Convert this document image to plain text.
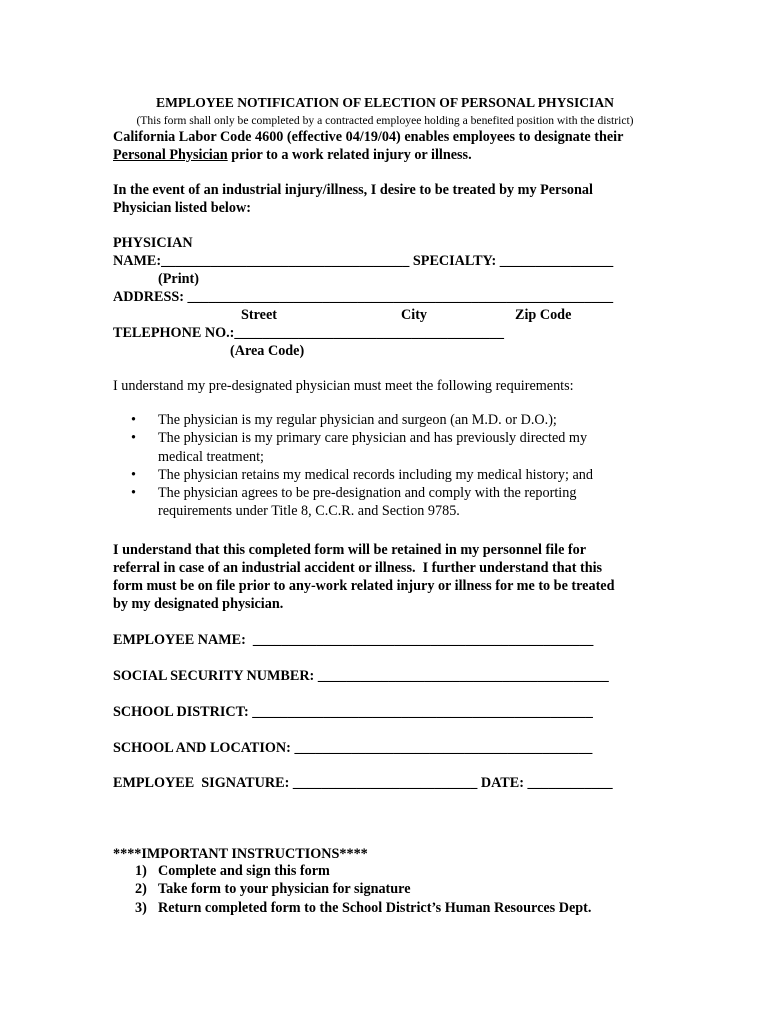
EMPLOYEE NOTIFICATION OF ELECTION OF PERSONAL PHYSICIAN
(This form shall only be completed by a contracted employee holding a benefited position with the district)
California Labor Code 4600 (effective 04/19/04) enables employees to designate their
Personal Physician prior to a work related injury or illness.
In the event of an industrial injury/illness, I desire to be treated by my Personal
Physician listed below:
PHYSICIAN
NAME:___________________________________ SPECIALTY: ________________
(Print)
ADDRESS: ____________________________________________________________
Street	City	Zip Code
TELEPHONE NO.:______________________________________
(Area Code)
I understand my pre-designated physician must meet the following requirements:
• The physician is my regular physician and surgeon (an M.D. or D.O.);
• The physician is my primary care physician and has previously directed my medical treatment;
• The physician retains my medical records including my medical history; and
• The physician agrees to be pre-designation and comply with the reporting requirements under Title 8, C.C.R. and Section 9785.
I understand that this completed form will be retained in my personnel file for
referral in case of an industrial accident or illness.  I further understand that this
form must be on file prior to any-work related injury or illness for me to be treated
by my designated physician.
EMPLOYEE NAME:  ________________________________________________
SOCIAL SECURITY NUMBER: _________________________________________
SCHOOL DISTRICT: ________________________________________________
SCHOOL AND LOCATION: __________________________________________
EMPLOYEE  SIGNATURE: __________________________ DATE: ____________
****IMPORTANT INSTRUCTIONS****
1) Complete and sign this form
2) Take form to your physician for signature
3) Return completed form to the School District’s Human Resources Dept.
